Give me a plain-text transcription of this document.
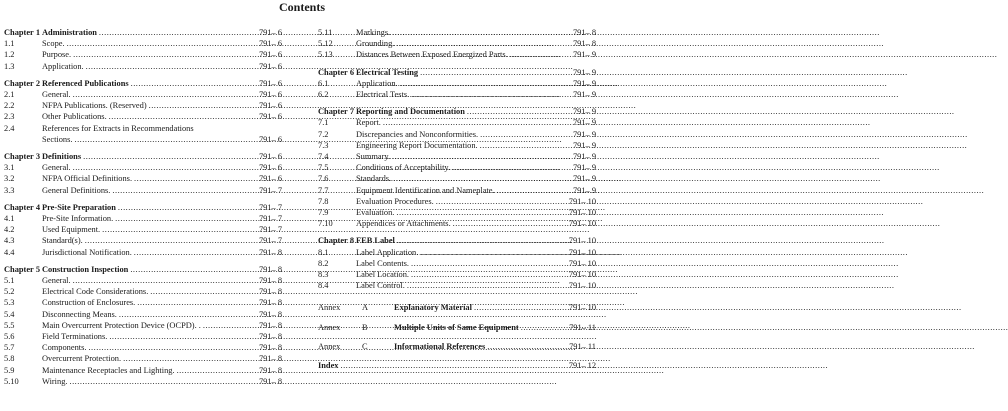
Contents
Chapter 1 Administration .....	791– 6
1.1	Scope. .....	791– 6
1.2	Purpose. .....	791– 6
1.3	Application. .....	791– 6
Chapter 2 Referenced Publications .....	791– 6
2.1	General. .....	791– 6
2.2	NFPA Publications. (Reserved) .....	791– 6
2.3	Other Publications. .....	791– 6
2.4	References for Extracts in Recommendations
Sections. .....	791– 6
Chapter 3 Definitions .....	791– 6
3.1	General. .....	791– 6
3.2	NFPA Official Definitions. .....	791– 6
3.3	General Definitions. .....	791– 7
Chapter 4 Pre-Site Preparation .....	791– 7
4.1	Pre-Site Information. .....	791– 7
4.2	Used Equipment. .....	791– 7
4.3	Standard(s). .....	791– 7
4.4	Jurisdictional Notification. .....	791– 8
Chapter 5 Construction Inspection .....	791– 8
5.1	General. .....	791– 8
5.2	Electrical Code Considerations. .....	791– 8
5.3	Construction of Enclosures. .....	791– 8
5.4	Disconnecting Means. .....	791– 8
5.5	Main Overcurrent Protection Device (OCPD). . .....	791– 8
5.6	Field Terminations. .....	791– 8
5.7	Components. .....	791– 8
5.8	Overcurrent Protection. .....	791– 8
5.9	Maintenance Receptacles and Lighting. .....	791– 8
5.10	Wiring. .....	791– 8
5.11	Markings. .....	791– 8
5.12	Grounding. .....	791– 8
5.13	Distances Between Exposed Energized Parts. .....	791– 9
Chapter 6 Electrical Testing .....	791– 9
6.1	Application. .....	791– 9
6.2	Electrical Tests. .....	791– 9
Chapter 7 Reporting and Documentation .....	791– 9
7.1	Report. .....	791– 9
7.2	Discrepancies and Nonconformities. .....	791– 9
7.3	Engineering Report Documentation. .....	791– 9
7.4	Summary. .....	791– 9
7.5	Conditions of Acceptability. .....	791– 9
7.6	Standards. .....	791– 9
7.7	Equipment Identification and Nameplate. .....	791– 9
7.8	Evaluation Procedures. .....	791– 10
7.9	Evaluation. .....	791– 10
7.10	Appendices or Attachments. .....	791– 10
Chapter 8 FEB Label .....	791– 10
8.1	Label Application. .....	791– 10
8.2	Label Contents. .....	791– 10
8.3	Label Location. .....	791– 10
8.4	Label Control. .....	791– 10
Annex	A	Explanatory Material .....	791– 10
Annex	B	Multiple Units of Same Equipment .....	791– 11
Annex	C	Informational References .....	791– 11
Index .....	791– 12
